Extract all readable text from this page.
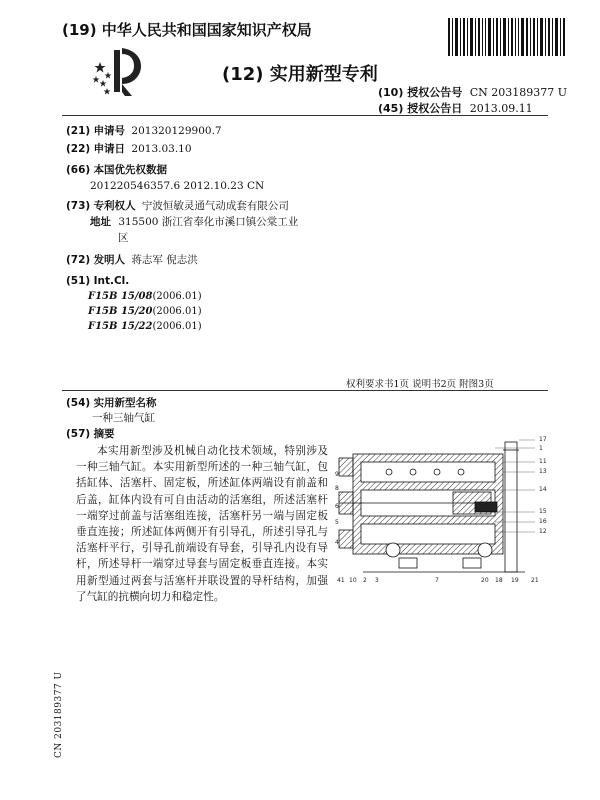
(19) 中华人民共和国国家知识产权局
(12) 实用新型专利
(10) 授权公告号 CN 203189377 U
(45) 授权公告日 2013.09.11
(21) 申请号 201320129900.7
(22) 申请日 2013.03.10
(66) 本国优先权数据
201220546357.6 2012.10.23 CN
(73) 专利权人 宁波恒敏灵通气动成套有限公司
地址 315500 浙江省奉化市溪口镇公棠工业
区
(72) 发明人 蒋志军 倪志洪
(51) Int.Cl.
F15B 15/08(2006.01)
F15B 15/20(2006.01)
F15B 15/22(2006.01)
权利要求书1页 说明书2页 附图3页
(54) 实用新型名称
一种三轴气缸
(57) 摘要
本实用新型涉及机械自动化技术领域，特别涉及一种三轴气缸。本实用新型所述的一种三轴气缸，包括缸体、活塞杆、固定板，所述缸体两端设有前盖和后盖，缸体内设有可自由活动的活塞组，所述活塞杆一端穿过前盖与活塞组连接，活塞杆另一端与固定板垂直连接；所述缸体两侧开有引导孔，所述引导孔与活塞杆平行，引导孔前端设有导套，引导孔内设有导杆，所述导杆一端穿过导套与固定板垂直连接。本实用新型通过两套与活塞杆并联设置的导杆结构，加强了气缸的抗横向切力和稳定性。
CN 203189377 U
17
1
11
13
14
9
8
15
6
16
5
12
4
3
2
41 10	7	19
18
20	21
